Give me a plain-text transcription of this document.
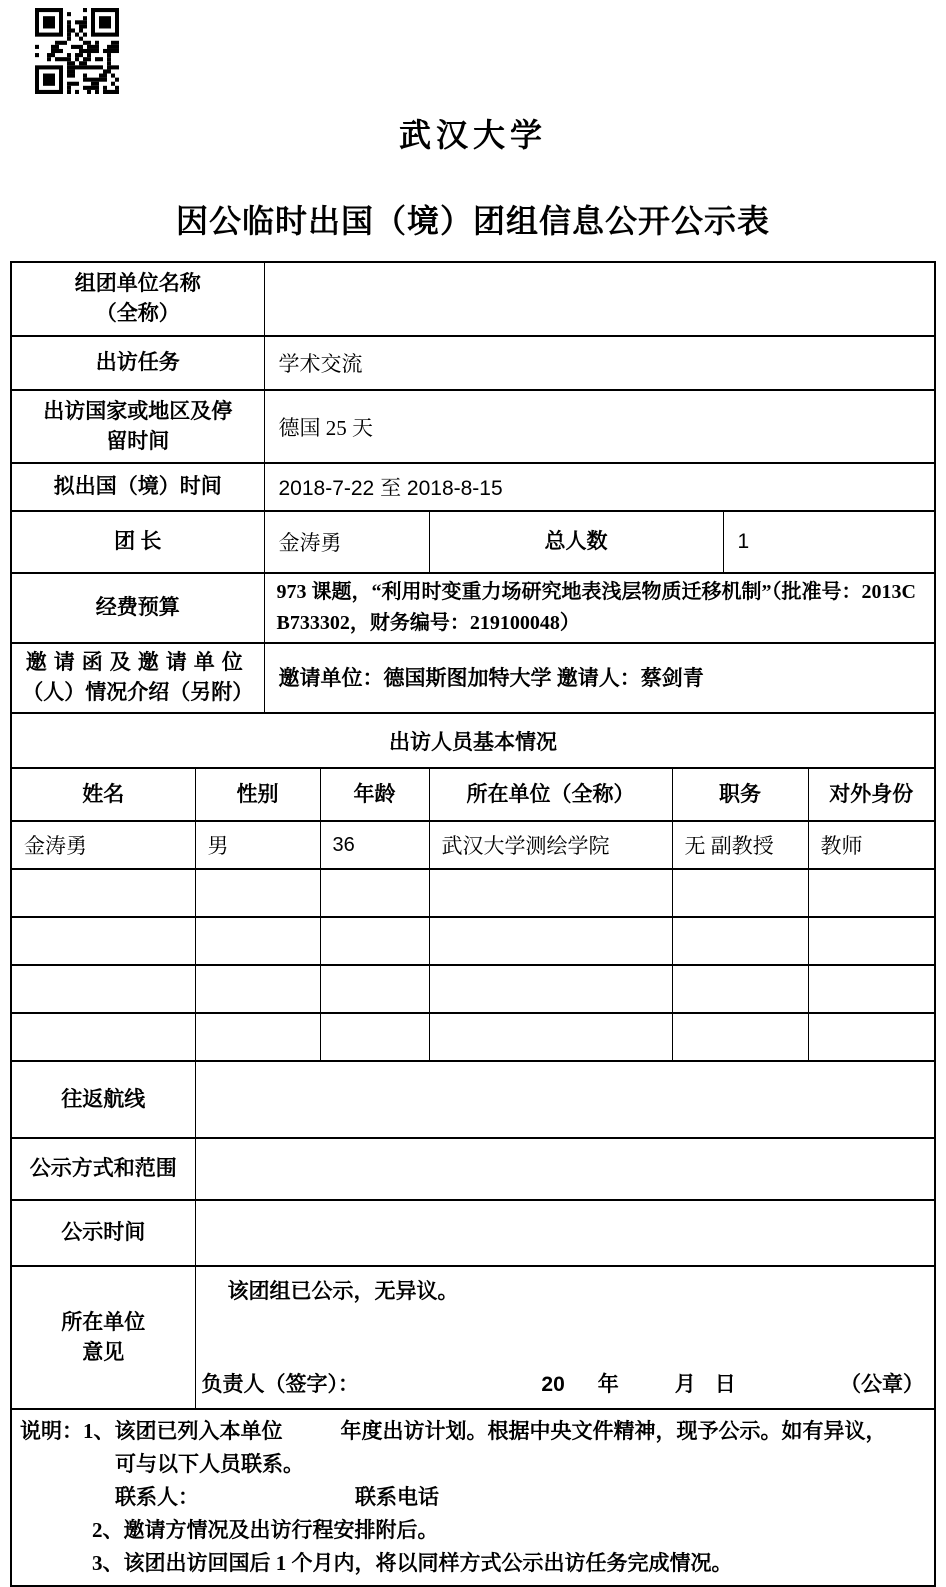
武汉大学
因公临时出国（境）团组信息公开公示表
组团单位名称
（全称）							

出访任务		学术交流					

出访国家或地区及停
留时间		德国 25 天					
拟出国（境）时间		2018-7-22 至 2018-8-15					
团 长		金涛勇		总人数		1	
经费预算		973 课题，“利用时变重力场研究地表浅层物质迁移机制”（批准号：2013CB733302，财务编号：219100048）					

邀请函及邀请单位
（人）情况介绍（另附）		邀请单位：德国斯图加特大学 邀请人：蔡剑青					
出访人员基本情况							
姓名	性别		年龄	所在单位（全称）	职务		对外身份
金涛勇	男		36	武汉大学测绘学院	无 副教授		教师

往返航线							
公示方式和范围							
公示时间							

所在单位
意见

该团组已公示，无异议。
负责人（签字）：	20 年	月 日	（公章）

说明：1、该团已列入本单位	年度出访计划。根据中央文件精神，现予公示。如有异议，
可与以下人员联系。
联系人：	联系电话
2、邀请方情况及出访行程安排附后。
3、该团出访回国后 1 个月内，将以同样方式公示出访任务完成情况。
